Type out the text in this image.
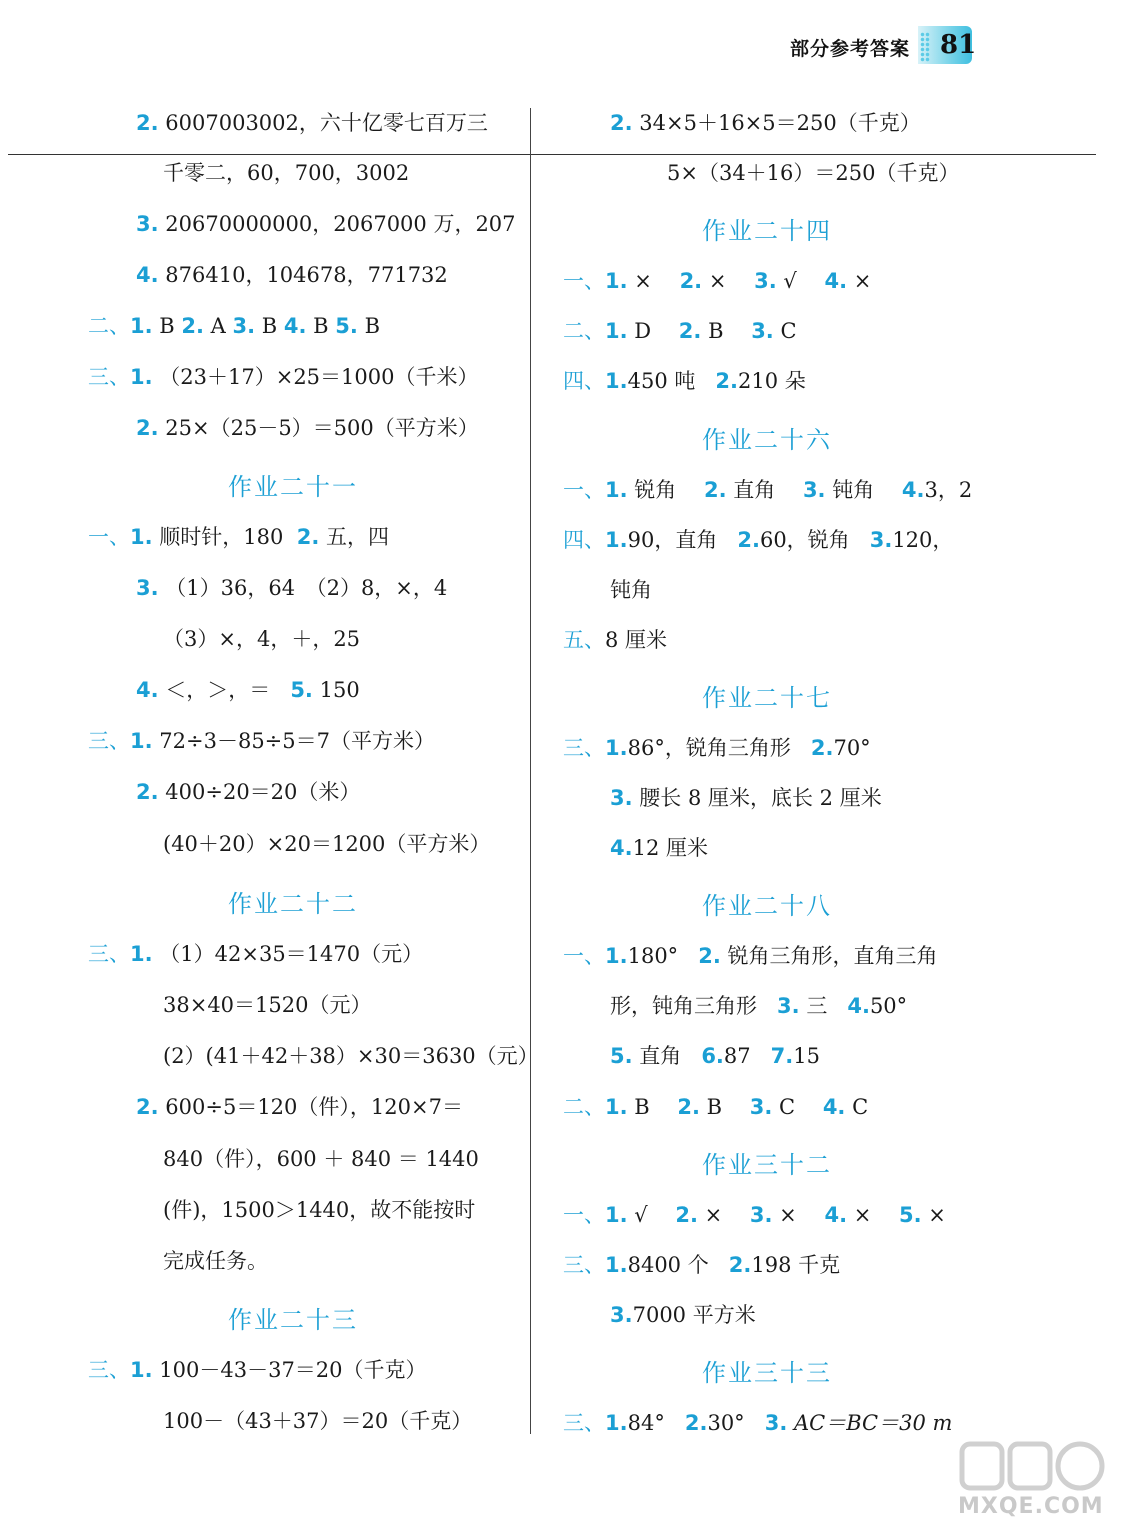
部分参考答案 81
2. 6007003002，六十亿零七百万三
千零二，60，700，3002
3. 20670000000，2067000 万，207
4. 876410，104678，771732
二、1. B 2. A 3. B 4. B 5. B
三、1. （23＋17）×25＝1000（千米）
2. 25×（25－5）＝500（平方米）
作业二十一
一、1. 顺时针，180 2. 五，四
3. （1）36，64　（2）8，×，4
（3）×，4，＋，25
4. ＜，＞，＝ 5. 150
三、1. 72÷3－85÷5＝7（平方米）
2. 400÷20＝20（米）
(40＋20）×20＝1200（平方米）
作业二十二
三、1. （1）42×35＝1470（元）
38×40＝1520（元）
(2）(41＋42＋38）×30＝3630（元）
2. 600÷5＝120（件），120×7＝
840（件），600 ＋ 840 ＝ 1440
(件)，1500＞1440，故不能按时
完成任务。
作业二十三
三、1. 100－43－37＝20（千克）
100－（43＋37）＝20（千克）
2. 34×5＋16×5＝250（千克）
5×（34＋16）＝250（千克）
作业二十四
一、1. ×　 2. ×　 3. √　 4. ×
二、1. D　 2. B　 3. C
四、1.450 吨 2.210 朵
作业二十六
一、1. 锐角　 2. 直角　 3. 钝角　 4.3，2
四、1.90，直角 2.60，锐角 3.120，
钝角
五、8 厘米
作业二十七
三、1.86°，锐角三角形 2.70°
3. 腰长 8 厘米，底长 2 厘米
4.12 厘米
作业二十八
一、1.180° 2. 锐角三角形，直角三角
形，钝角三角形 3. 三 4.50°
5. 直角 6.87 7.15
二、1. B　 2. B　 3. C　 4. C
作业三十二
一、1. √　 2. ×　 3. ×　 4. ×　 5. ×
三、1.8400 个 2.198 千克
3.7000 平方米
作业三十三
三、1.84° 2.30° 3. AC＝BC＝30 m
MXQE.COM
